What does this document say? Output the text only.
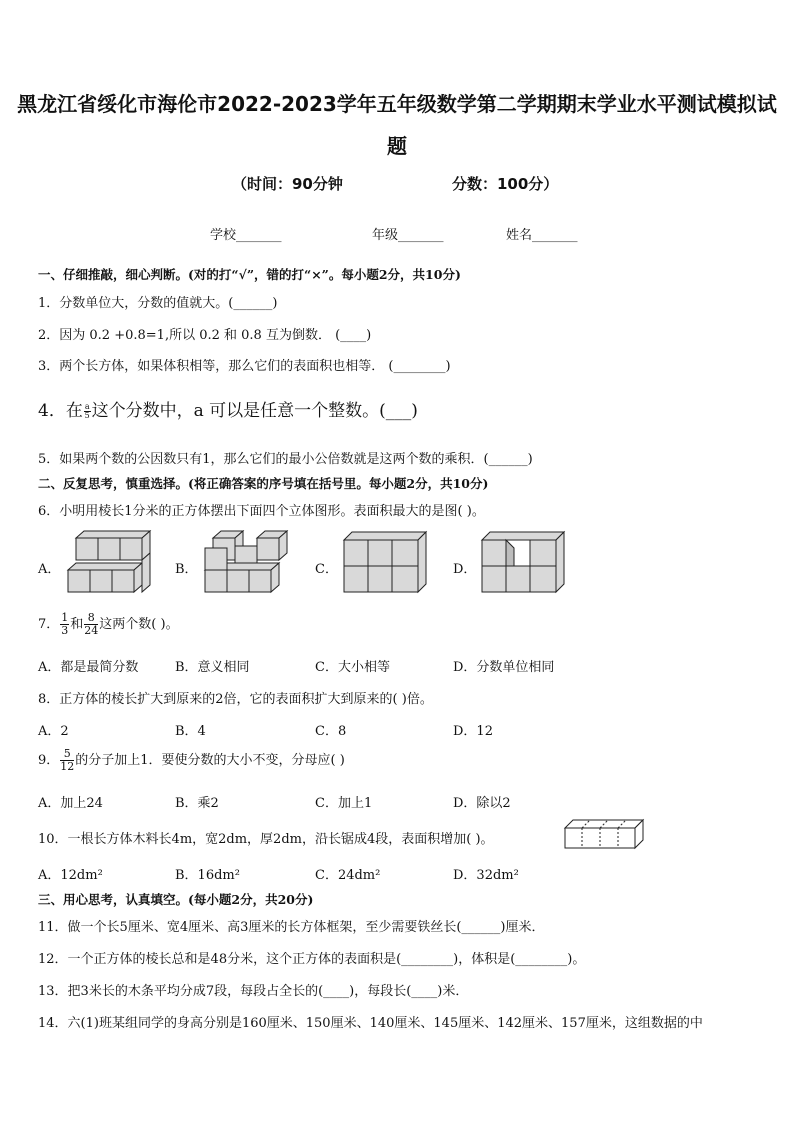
黑龙江省绥化市海伦市2022-2023学年五年级数学第二学期期末学业水平测试模拟试
题
（时间：90分钟	分数：100分）
学校_______	年级_______	姓名_______
一、仔细推敲，细心判断。(对的打“√”，错的打“×”。每小题2分，共10分)
1．分数单位大，分数的值就大。(______)
2．因为 0.2 +0.8=1,所以 0.2 和 0.8 互为倒数． (____)
3．两个长方体，如果体积相等，那么它们的表面积也相等． (________)
4．在 $\frac{a}{5}$ 这个分数中，a 可以是任意一个整数。(___)
5．如果两个数的公因数只有1，那么它们的最小公倍数就是这两个数的乘积．(______)
二、反复思考，慎重选择。(将正确答案的序号填在括号里。每小题2分，共10分)
6．小明用棱长1分米的正方体摆出下面四个立体图形。表面积最大的是图( )。
A．	B．	C．	D．
7． $\frac{1}{3}$ 和 $\frac{8}{24}$ 这两个数( )。
A．都是最简分数	B．意义相同	C．大小相等	D．分数单位相同
8．正方体的棱长扩大到原来的2倍，它的表面积扩大到原来的( )倍。
A．2	B．4	C．8	D．12
9． $\frac{5}{12}$ 的分子加上1．要使分数的大小不变，分母应( )
A．加上24	B．乘2	C．加上1	D．除以2
10．一根长方体木料长4m，宽2dm，厚2dm，沿长锯成4段，表面积增加( )。
A．12dm²	B．16dm²	C．24dm²	D．32dm²
三、用心思考，认真填空。(每小题2分，共20分)
11．做一个长5厘米、宽4厘米、高3厘米的长方体框架，至少需要铁丝长(______)厘米．
12．一个正方体的棱长总和是48分米，这个正方体的表面积是(________)，体积是(________)。
13．把3米长的木条平均分成7段，每段占全长的(____)，每段长(____)米．
14．六(1)班某组同学的身高分别是160厘米、150厘米、140厘米、145厘米、142厘米、157厘米，这组数据的中
